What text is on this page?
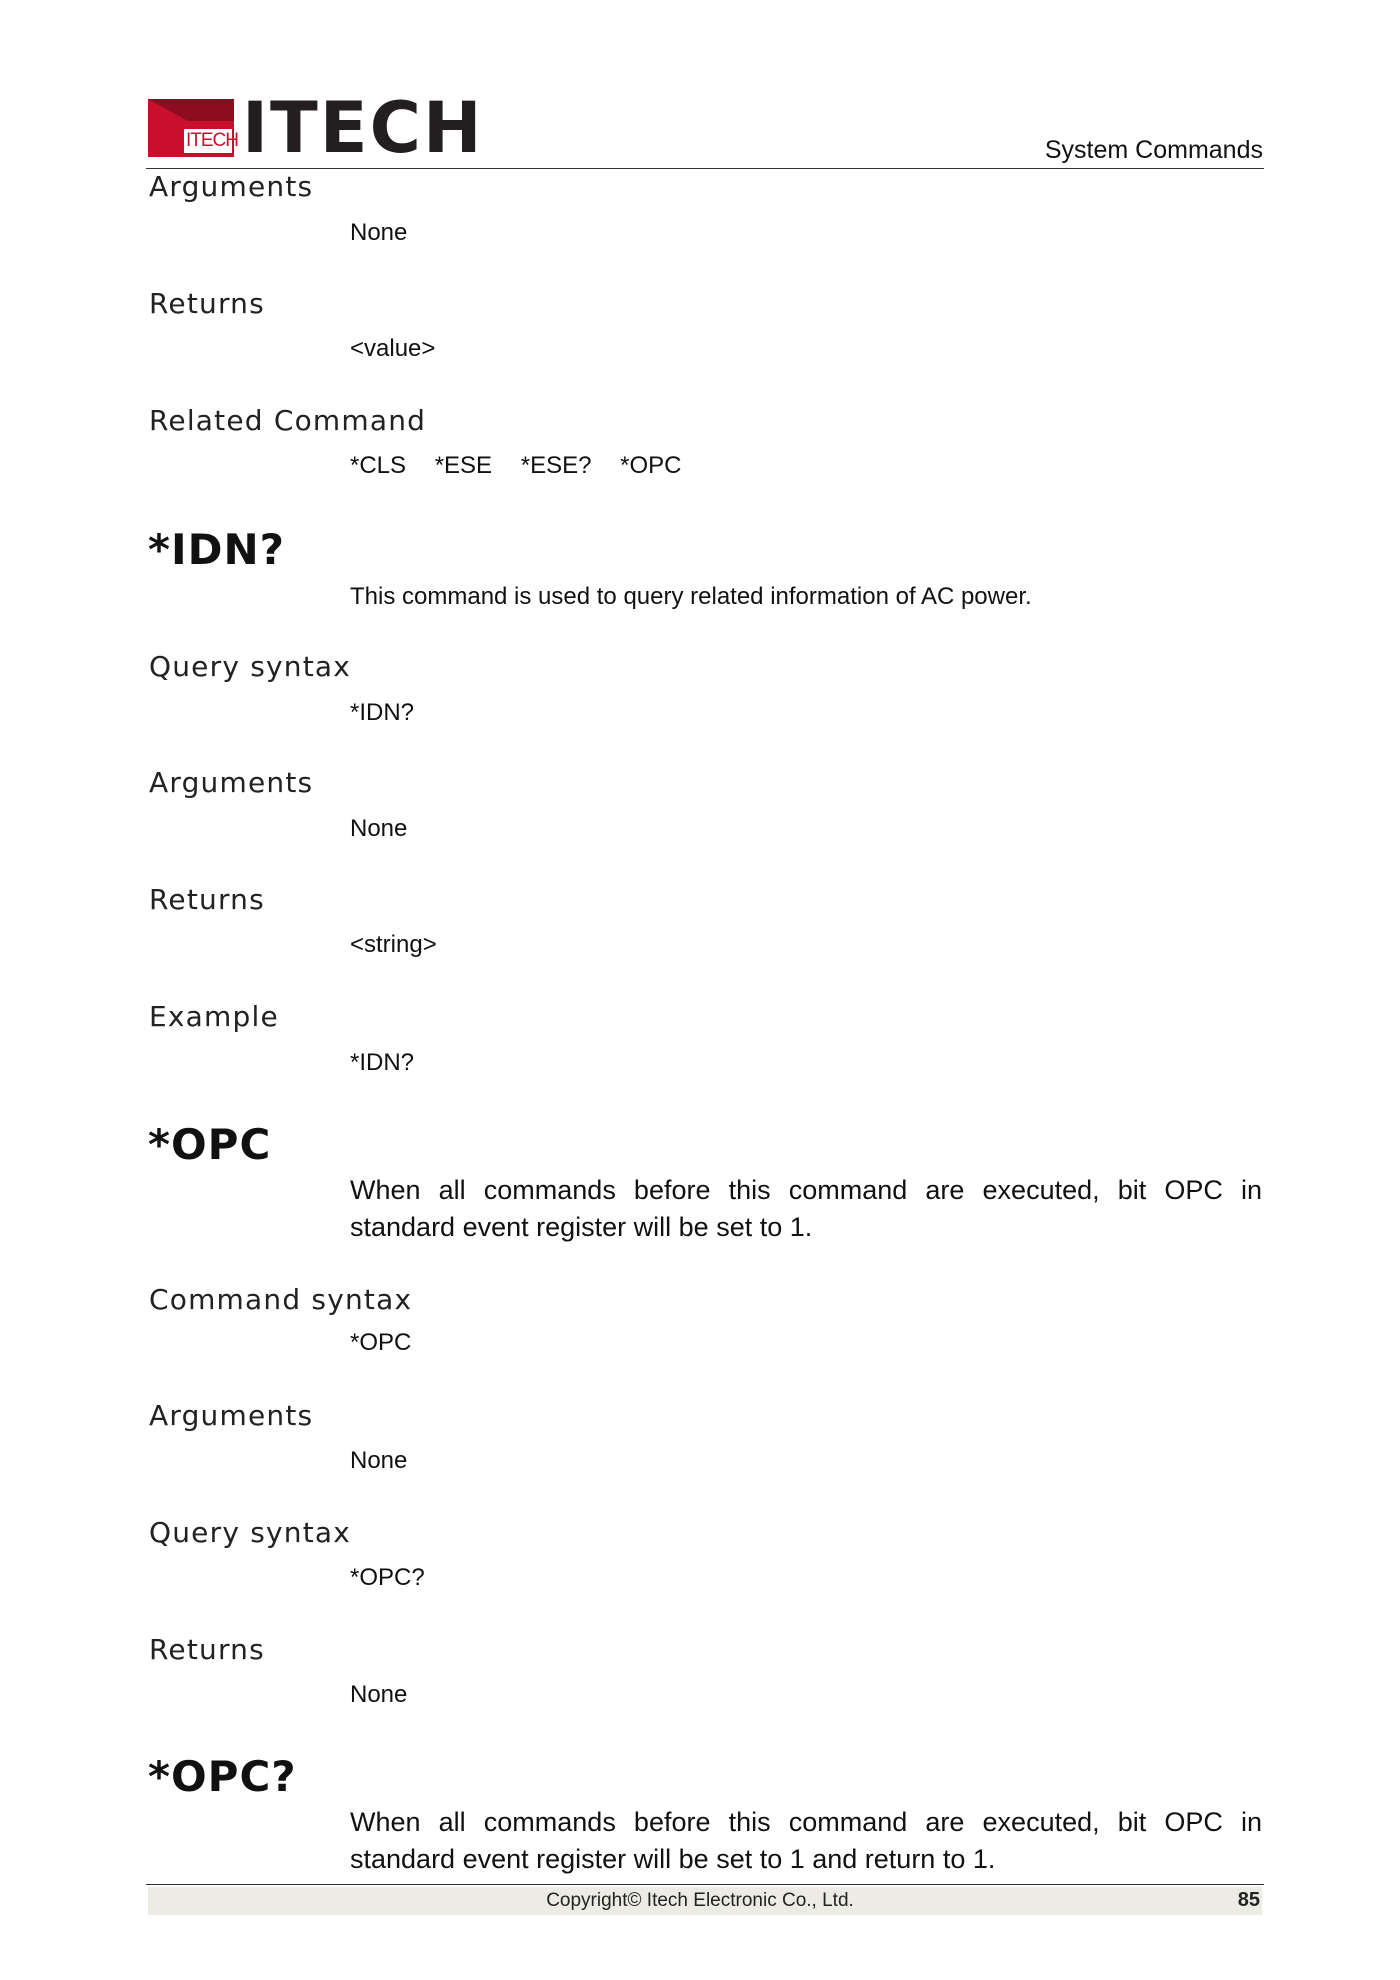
ITECH ITECH	System Commands
Arguments
None
Returns
<value>
Related Command
*CLS *ESE *ESE? *OPC
*IDN?
This command is used to query related information of AC power.
Query syntax
*IDN?
Arguments
None
Returns
<string>
Example
*IDN?
*OPC
When all commands before this command are executed, bit OPC in standard event register will be set to 1.
Command syntax
*OPC
Arguments
None
Query syntax
*OPC?
Returns
None
*OPC?
When all commands before this command are executed, bit OPC in standard event register will be set to 1 and return to 1.
Copyright© Itech Electronic Co., Ltd.	85
